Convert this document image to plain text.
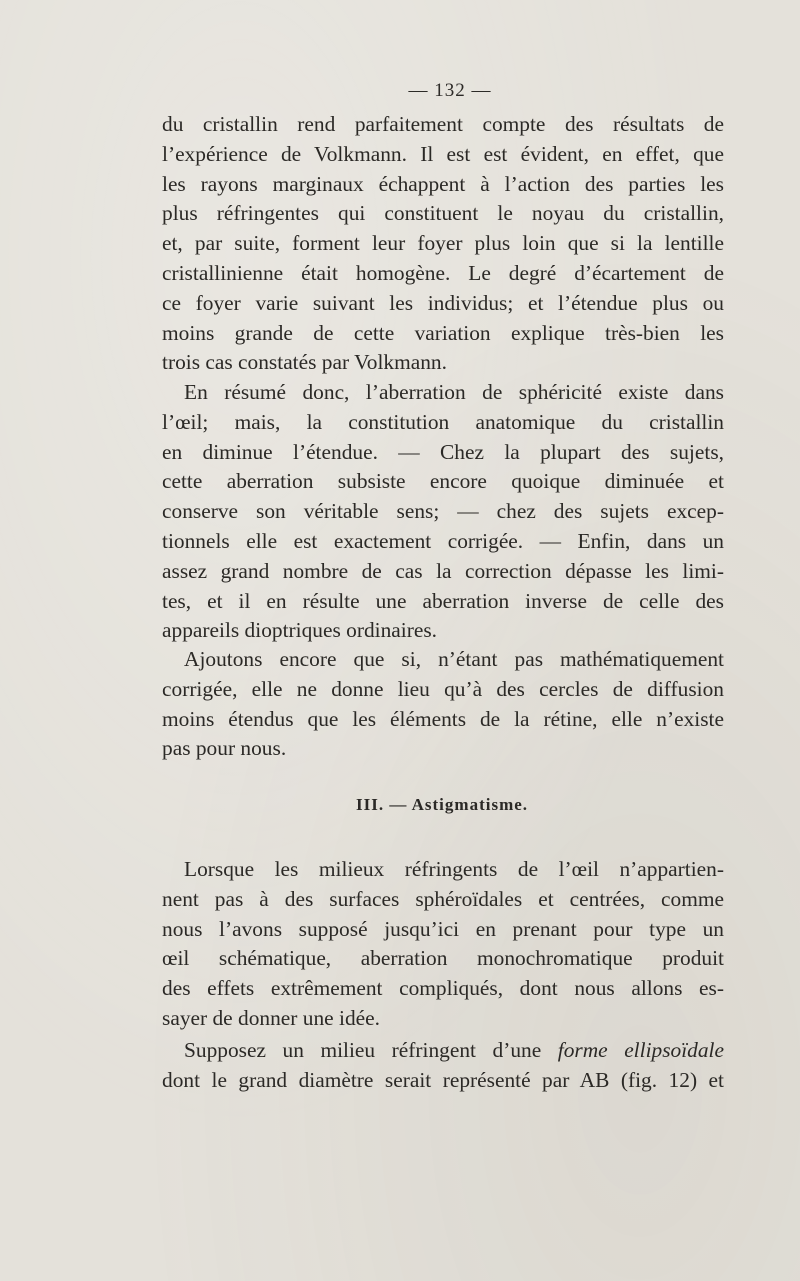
— 132 —
du cristallin rend parfaitement compte des résultats de
l’expérience de Volkmann. Il est est évident, en effet, que
les rayons marginaux échappent à l’action des parties les
plus réfringentes qui constituent le noyau du cristallin,
et, par suite, forment leur foyer plus loin que si la lentille
cristallinienne était homogène. Le degré d’écartement de
ce foyer varie suivant les individus; et l’étendue plus ou
moins grande de cette variation explique très-bien les
trois cas constatés par Volkmann.
En résumé donc, l’aberration de sphéricité existe dans
l’œil; mais, la constitution anatomique du cristallin
en diminue l’étendue. — Chez la plupart des sujets,
cette aberration subsiste encore quoique diminuée et
conserve son véritable sens; — chez des sujets excep-
tionnels elle est exactement corrigée. — Enfin, dans un
assez grand nombre de cas la correction dépasse les limi-
tes, et il en résulte une aberration inverse de celle des
appareils dioptriques ordinaires.
Ajoutons encore que si, n’étant pas mathématiquement
corrigée, elle ne donne lieu qu’à des cercles de diffusion
moins étendus que les éléments de la rétine, elle n’existe
pas pour nous.
III. — Astigmatisme.
Lorsque les milieux réfringents de l’œil n’appartien-
nent pas à des surfaces sphéroïdales et centrées, comme
nous l’avons supposé jusqu’ici en prenant pour type un
œil schématique, aberration monochromatique produit
des effets extrêmement compliqués, dont nous allons es-
sayer de donner une idée.
Supposez un milieu réfringent d’une forme ellipsoïdale
dont le grand diamètre serait représenté par AB (fig. 12) et
